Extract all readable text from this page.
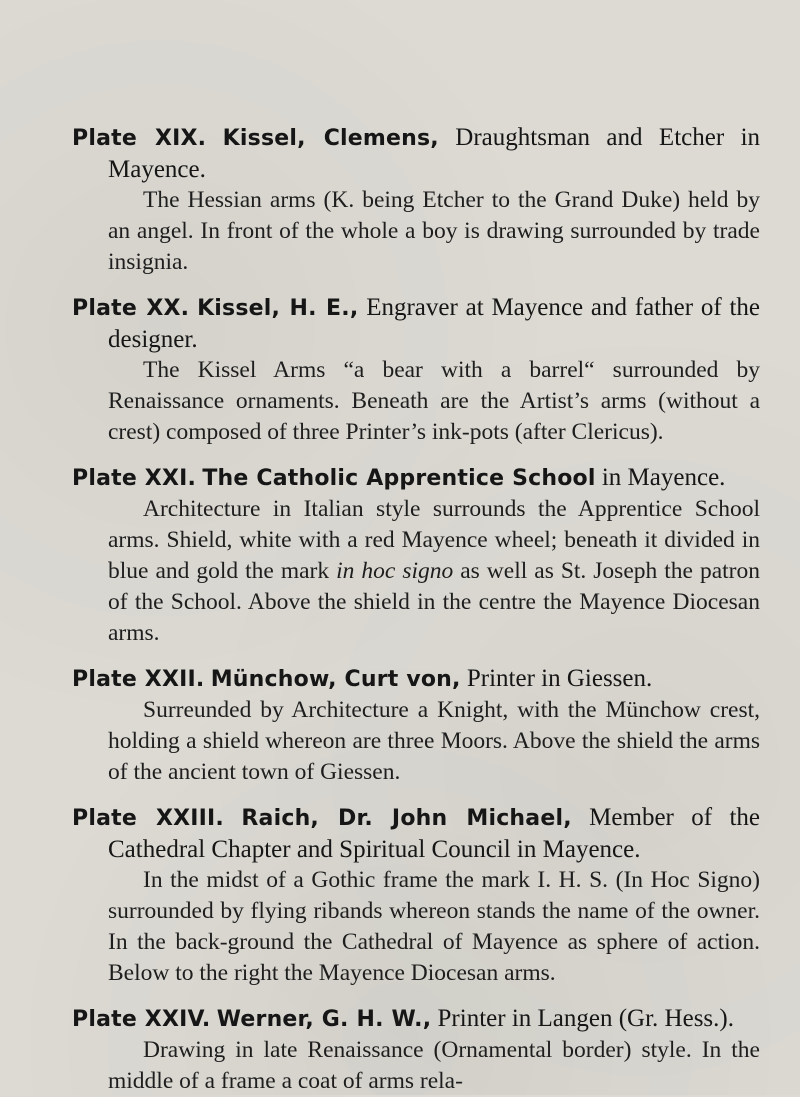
Plate XIX. Kissel, Clemens, Draughtsman and Etcher in Mayence.

The Hessian arms (K. being Etcher to the Grand Duke) held by an angel. In front of the whole a boy is drawing surrounded by trade insignia.

Plate XX. Kissel, H. E., Engraver at Mayence and father of the designer.

The Kissel Arms “a bear with a barrel“ surrounded by Renaissance ornaments. Beneath are the Artist’s arms (without a crest) composed of three Printer’s ink-pots (after Clericus).

Plate XXI. The Catholic Apprentice School in Mayence.

Architecture in Italian style surrounds the Apprentice School arms. Shield, white with a red Mayence wheel; beneath it divided in blue and gold the mark in hoc signo as well as St. Joseph the patron of the School. Above the shield in the centre the Mayence Diocesan arms.

Plate XXII. Münchow, Curt von, Printer in Giessen.

Surreunded by Architecture a Knight, with the Münchow crest, holding a shield whereon are three Moors. Above the shield the arms of the ancient town of Giessen.

Plate XXIII. Raich, Dr. John Michael, Member of the Cathedral Chapter and Spiritual Council in Mayence.

In the midst of a Gothic frame the mark I. H. S. (In Hoc Signo) surrounded by flying ribands whereon stands the name of the owner. In the back-ground the Cathedral of Mayence as sphere of action. Below to the right the Mayence Diocesan arms.

Plate XXIV. Werner, G. H. W., Printer in Langen (Gr. Hess.).

Drawing in late Renaissance (Ornamental border) style. In the middle of a frame a coat of arms rela-
